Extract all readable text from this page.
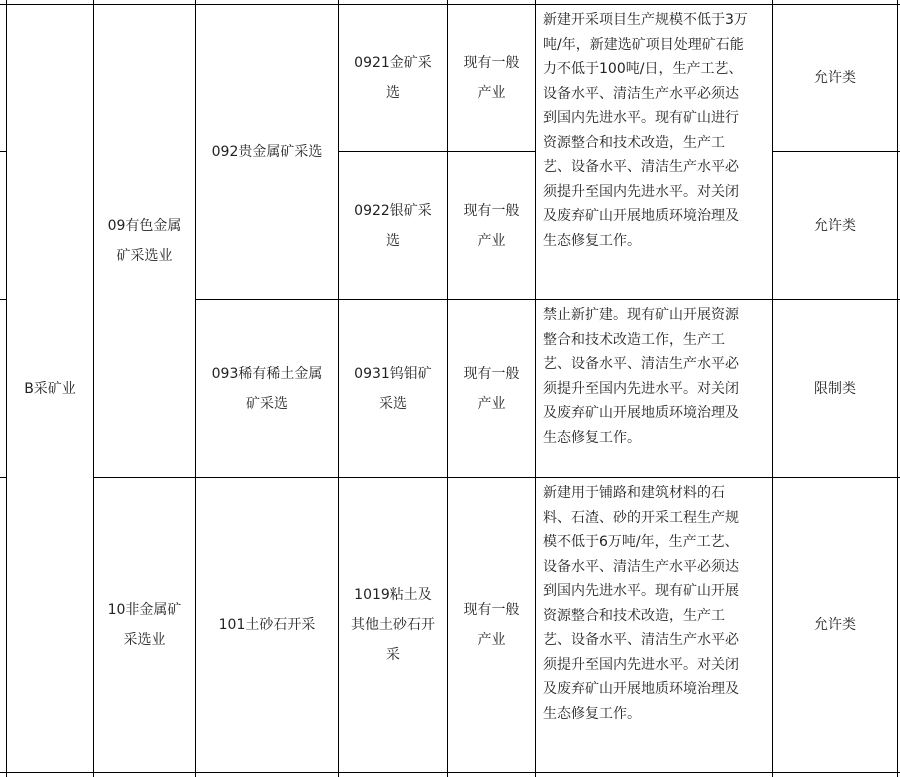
B采矿业
09有色金属
矿采选业
10非金属矿
采选业
092贵金属矿采选
093稀有稀土金属
矿采选
101土砂石开采
0921金矿采
选
0922银矿采
选
0931钨钼矿
采选
1019粘土及
其他土砂石开
采
现有一般
产业
现有一般
产业
现有一般
产业
现有一般
产业
新建开采项目生产规模不低于3万
吨/年，新建选矿项目处理矿石能
力不低于100吨/日，生产工艺、
设备水平、清洁生产水平必须达
到国内先进水平。现有矿山进行
资源整合和技术改造，生产工
艺、设备水平、清洁生产水平必
须提升至国内先进水平。对关闭
及废弃矿山开展地质环境治理及
生态修复工作。
禁止新扩建。现有矿山开展资源
整合和技术改造工作，生产工
艺、设备水平、清洁生产水平必
须提升至国内先进水平。对关闭
及废弃矿山开展地质环境治理及
生态修复工作。
新建用于铺路和建筑材料的石
料、石渣、砂的开采工程生产规
模不低于6万吨/年，生产工艺、
设备水平、清洁生产水平必须达
到国内先进水平。现有矿山开展
资源整合和技术改造，生产工
艺、设备水平、清洁生产水平必
须提升至国内先进水平。对关闭
及废弃矿山开展地质环境治理及
生态修复工作。
允许类
允许类
限制类
允许类
